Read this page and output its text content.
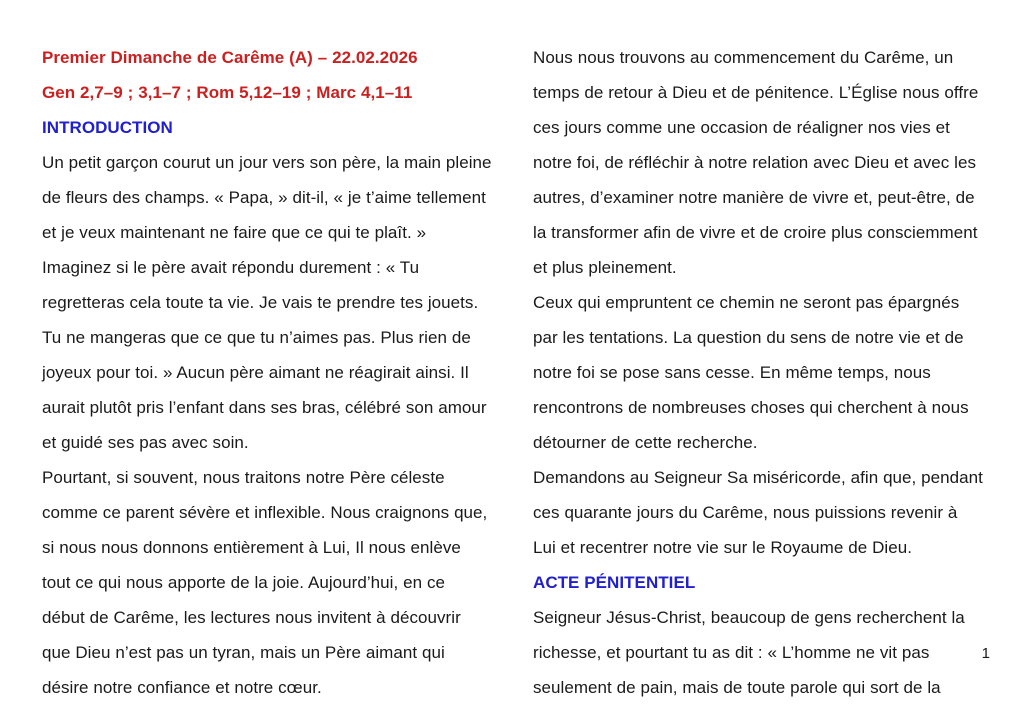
Premier Dimanche de Carême (A) – 22.02.2026

Gen 2,7–9 ; 3,1–7 ; Rom 5,12–19 ; Marc 4,1–11

INTRODUCTION

Un petit garçon courut un jour vers son père, la main pleine de fleurs des champs. « Papa, » dit-il, « je t’aime tellement et je veux maintenant ne faire que ce qui te plaît. » Imaginez si le père avait répondu durement : « Tu regretteras cela toute ta vie. Je vais te prendre tes jouets. Tu ne mangeras que ce que tu n’aimes pas. Plus rien de joyeux pour toi. » Aucun père aimant ne réagirait ainsi. Il aurait plutôt pris l’enfant dans ses bras, célébré son amour et guidé ses pas avec soin.

Pourtant, si souvent, nous traitons notre Père céleste comme ce parent sévère et inflexible. Nous craignons que, si nous nous donnons entièrement à Lui, Il nous enlève tout ce qui nous apporte de la joie. Aujourd’hui, en ce début de Carême, les lectures nous invitent à découvrir que Dieu n’est pas un tyran, mais un Père aimant qui désire notre confiance et notre cœur.

Nous nous trouvons au commencement du Carême, un temps de retour à Dieu et de pénitence. L’Église nous offre ces jours comme une occasion de réaligner nos vies et notre foi, de réfléchir à notre relation avec Dieu et avec les autres, d’examiner notre manière de vivre et, peut-être, de la transformer afin de vivre et de croire plus consciemment et plus pleinement.

Ceux qui empruntent ce chemin ne seront pas épargnés par les tentations. La question du sens de notre vie et de notre foi se pose sans cesse. En même temps, nous rencontrons de nombreuses choses qui cherchent à nous détourner de cette recherche.

Demandons au Seigneur Sa miséricorde, afin que, pendant ces quarante jours du Carême, nous puissions revenir à Lui et recentrer notre vie sur le Royaume de Dieu.

ACTE PÉNITENTIEL

Seigneur Jésus-Christ, beaucoup de gens recherchent la richesse, et pourtant tu as dit : « L’homme ne vit pas seulement de pain, mais de toute parole qui sort de la

1
